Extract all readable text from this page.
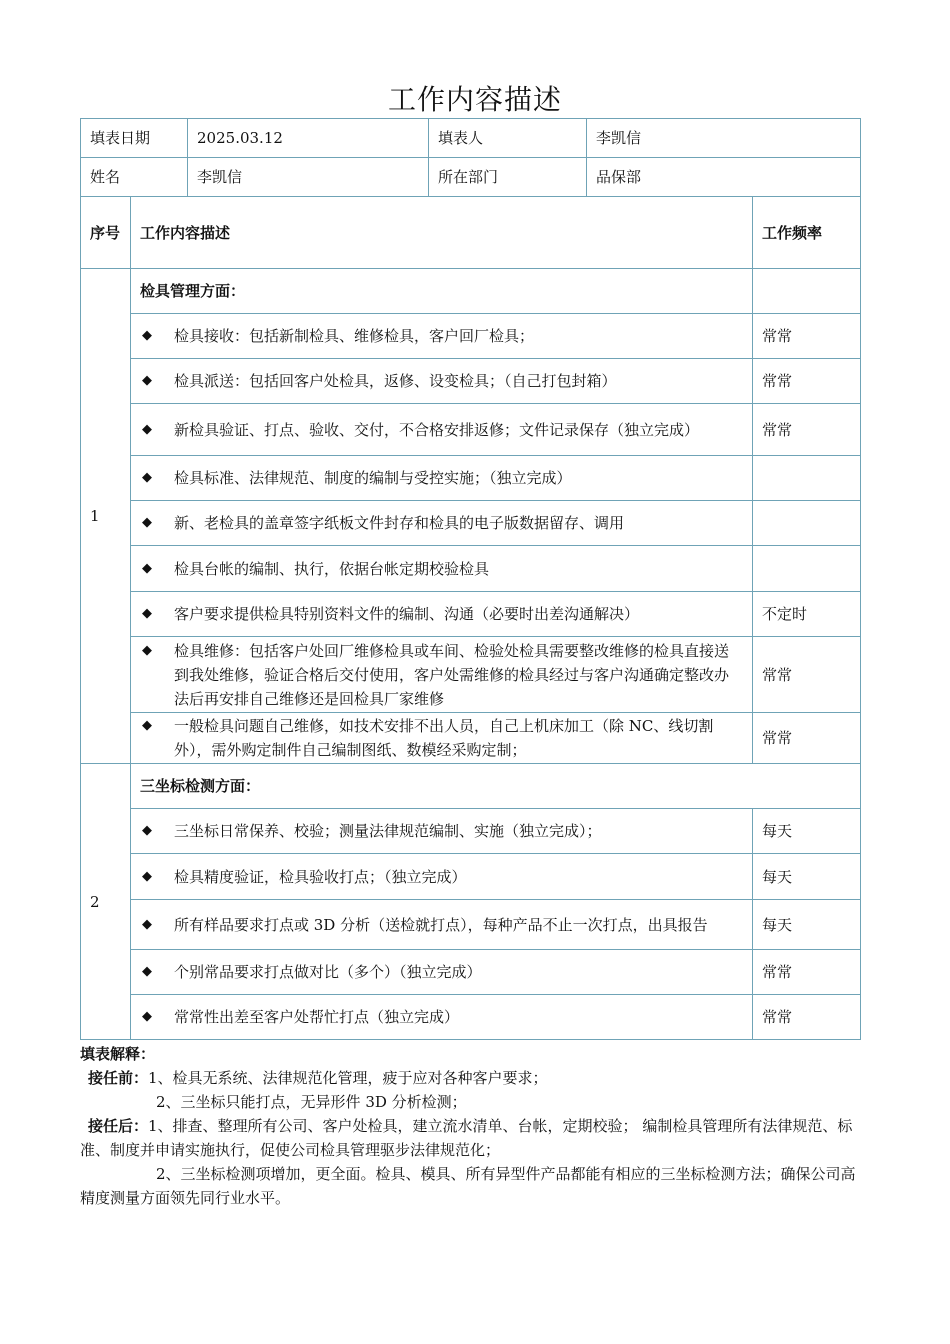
工作内容描述
填表日期		2025.03.12	填表人	李凯信	
姓名		李凯信	所在部门	品保部	
序号	工作内容描述				工作频率
1	检具管理方面：				

	◆ 检具接收：包括新制检具、维修检具，客户回厂检具；				常常

	◆ 检具派送：包括回客户处检具，返修、设变检具；（自己打包封箱）				常常

	◆ 新检具验证、打点、验收、交付，不合格安排返修；文件记录保存（独立完成）				常常

	◆ 检具标准、法律规范、制度的编制与受控实施；（独立完成）				

	◆ 新、老检具的盖章签字纸板文件封存和检具的电子版数据留存、调用				

	◆ 检具台帐的编制、执行，依据台帐定期校验检具				

	◆ 客户要求提供检具特别资料文件的编制、沟通（必要时出差沟通解决）				不定时

	◆ 检具维修：包括客户处回厂维修检具或车间、检验处检具需要整改维修的检具直接送到我处维修，验证合格后交付使用，客户处需维修的检具经过与客户沟通确定整改办法后再安排自己维修还是回检具厂家维修				常常

	◆ 一般检具问题自己维修，如技术安排不出人员，自己上机床加工（除 NC、线切割外），需外购定制件自己编制图纸、数模经采购定制；				常常
2	三坐标检测方面：				

	◆ 三坐标日常保养、校验；测量法律规范编制、实施（独立完成）；				每天

	◆ 检具精度验证，检具验收打点；（独立完成）				每天

	◆ 所有样品要求打点或 3D 分析（送检就打点），每种产品不止一次打点，出具报告				每天

	◆ 个别常品要求打点做对比（多个）（独立完成）				常常

	◆ 常常性出差至客户处帮忙打点（独立完成）				常常

填表解释：

接任前：1、检具无系统、法律规范化管理，疲于应对各种客户要求；

2、三坐标只能打点，无异形件 3D 分析检测；

接任后：1、排查、整理所有公司、客户处检具，建立流水清单、台帐，定期校验； 编制检具管理所有法律规范、标准、制度并申请实施执行，促使公司检具管理驱步法律规范化；

2、三坐标检测项增加，更全面。检具、模具、所有异型件产品都能有相应的三坐标检测方法；确保公司高精度测量方面领先同行业水平。
